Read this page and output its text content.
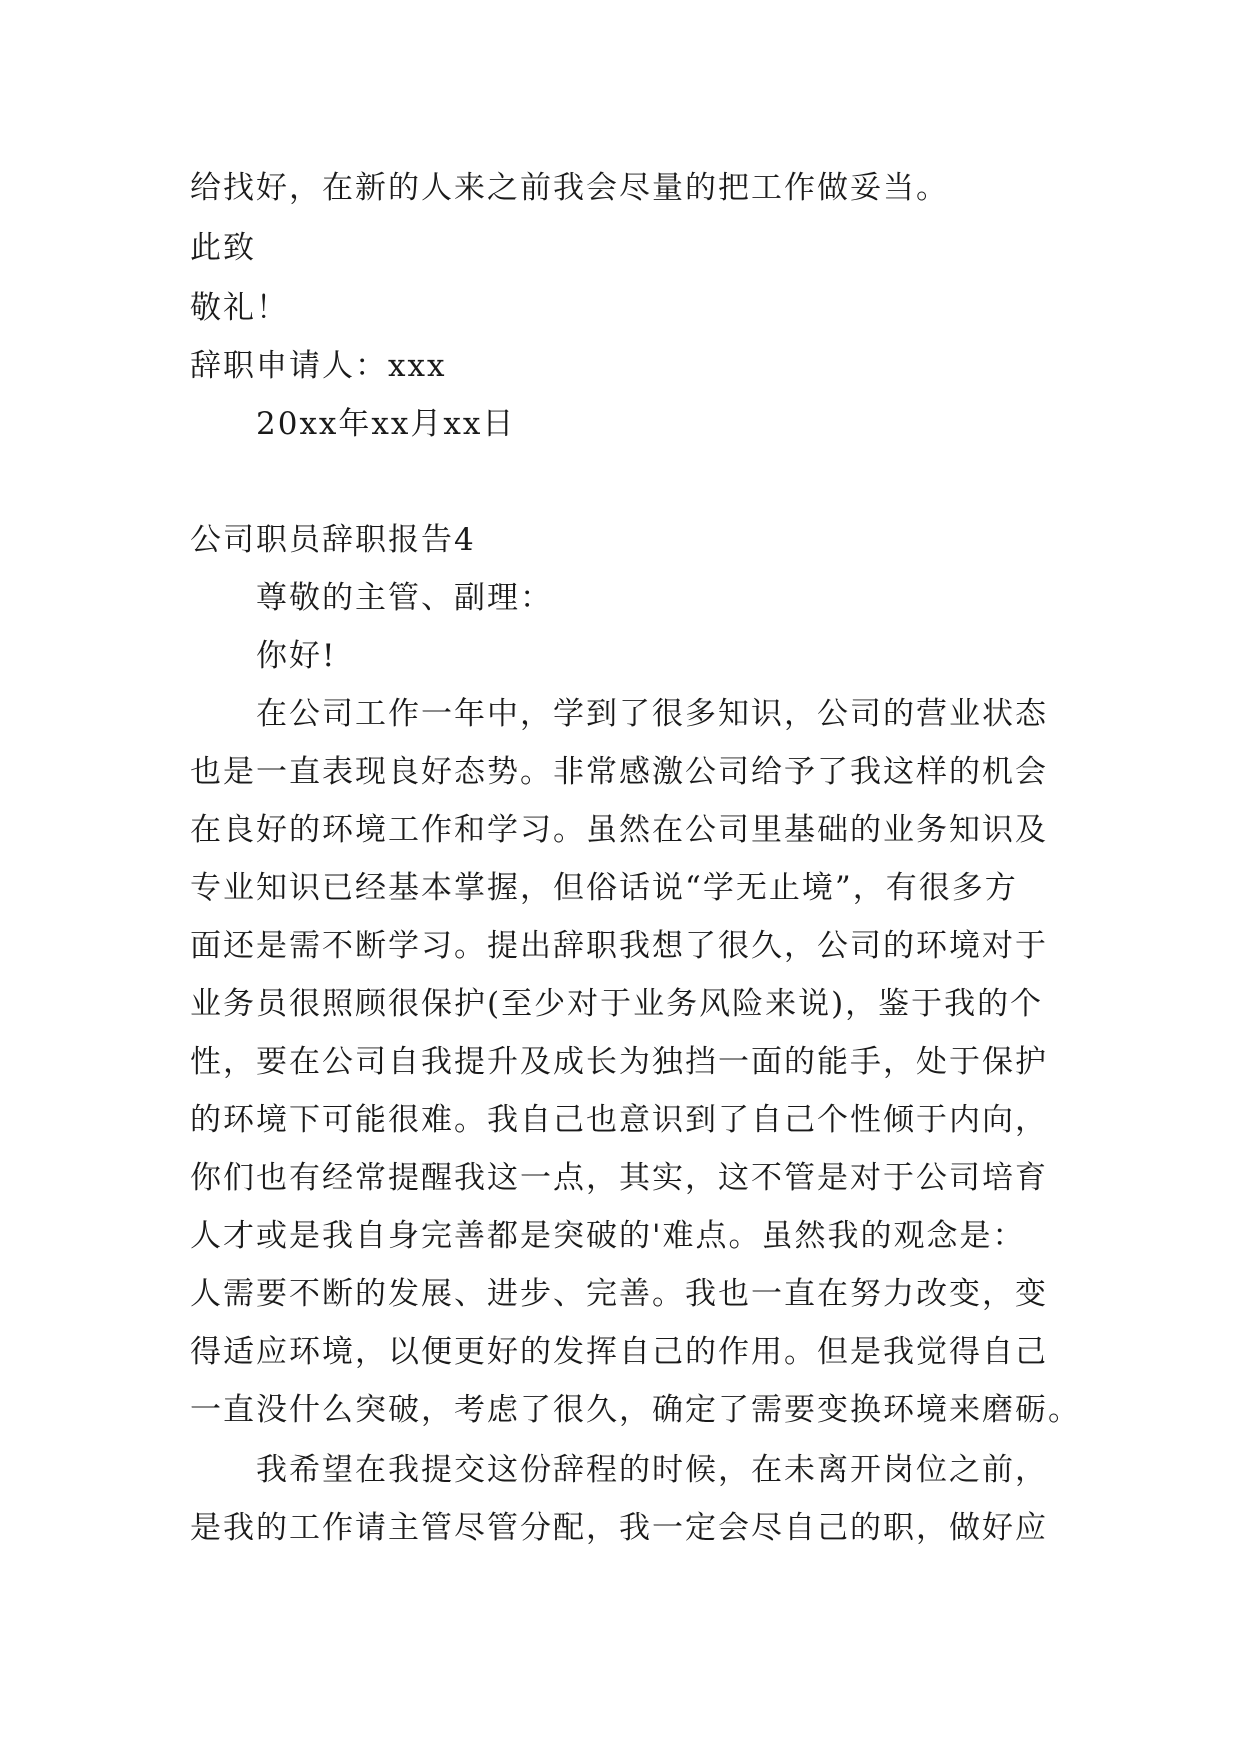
给找好，在新的人来之前我会尽量的把工作做妥当。
此致
敬礼！
辞职申请人：xxx
20xx年xx月xx日
公司职员辞职报告4
尊敬的主管、副理：
你好!
在公司工作一年中，学到了很多知识，公司的营业状态
也是一直表现良好态势。非常感激公司给予了我这样的机会
在良好的环境工作和学习。虽然在公司里基础的业务知识及
专业知识已经基本掌握，但俗话说“学无止境”，有很多方
面还是需不断学习。提出辞职我想了很久，公司的环境对于
业务员很照顾很保护(至少对于业务风险来说)，鉴于我的个
性，要在公司自我提升及成长为独挡一面的能手，处于保护
的环境下可能很难。我自己也意识到了自己个性倾于内向，
你们也有经常提醒我这一点，其实，这不管是对于公司培育
人才或是我自身完善都是突破的'难点。虽然我的观念是：
人需要不断的发展、进步、完善。我也一直在努力改变，变
得适应环境，以便更好的发挥自己的作用。但是我觉得自己
一直没什么突破，考虑了很久，确定了需要变换环境来磨砺。
我希望在我提交这份辞程的时候，在未离开岗位之前，
是我的工作请主管尽管分配，我一定会尽自己的职，做好应
